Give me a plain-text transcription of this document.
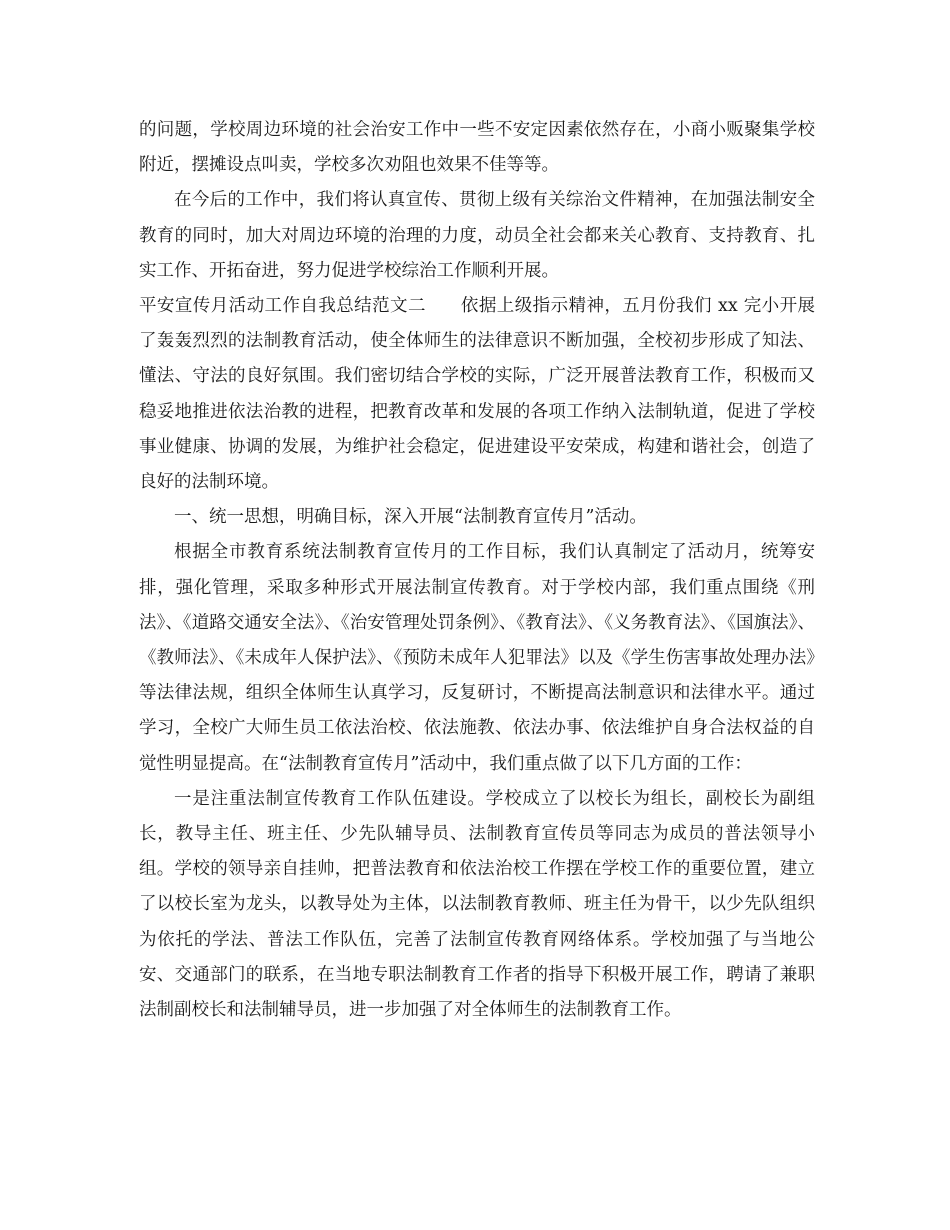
的问题，学校周边环境的社会治安工作中一些不安定因素依然存在，小商小贩聚集学校附近，摆摊设点叫卖，学校多次劝阻也效果不佳等等。

在今后的工作中，我们将认真宣传、贯彻上级有关综治文件精神，在加强法制安全教育的同时，加大对周边环境的治理的力度，动员全社会都来关心教育、支持教育、扎实工作、开拓奋进，努力促进学校综治工作顺利开展。

平安宣传月活动工作自我总结范文二 依据上级指示精神，五月份我们 xx 完小开展了轰轰烈烈的法制教育活动，使全体师生的法律意识不断加强，全校初步形成了知法、懂法、守法的良好氛围。我们密切结合学校的实际，广泛开展普法教育工作，积极而又稳妥地推进依法治教的进程，把教育改革和发展的各项工作纳入法制轨道，促进了学校事业健康、协调的发展，为维护社会稳定，促进建设平安荣成，构建和谐社会，创造了良好的法制环境。

一、统一思想，明确目标，深入开展“法制教育宣传月”活动。

根据全市教育系统法制教育宣传月的工作目标，我们认真制定了活动月，统筹安排，强化管理，采取多种形式开展法制宣传教育。对于学校内部，我们重点围绕《刑法》、《道路交通安全法》、《治安管理处罚条例》、《教育法》、《义务教育法》、《国旗法》、《教师法》、《未成年人保护法》、《预防未成年人犯罪法》以及《学生伤害事故处理办法》等法律法规，组织全体师生认真学习，反复研讨，不断提高法制意识和法律水平。通过学习，全校广大师生员工依法治校、依法施教、依法办事、依法维护自身合法权益的自觉性明显提高。在“法制教育宣传月”活动中，我们重点做了以下几方面的工作：

一是注重法制宣传教育工作队伍建设。学校成立了以校长为组长，副校长为副组长，教导主任、班主任、少先队辅导员、法制教育宣传员等同志为成员的普法领导小组。学校的领导亲自挂帅，把普法教育和依法治校工作摆在学校工作的重要位置，建立了以校长室为龙头，以教导处为主体，以法制教育教师、班主任为骨干，以少先队组织为依托的学法、普法工作队伍，完善了法制宣传教育网络体系。学校加强了与当地公安、交通部门的联系，在当地专职法制教育工作者的指导下积极开展工作，聘请了兼职法制副校长和法制辅导员，进一步加强了对全体师生的法制教育工作。
